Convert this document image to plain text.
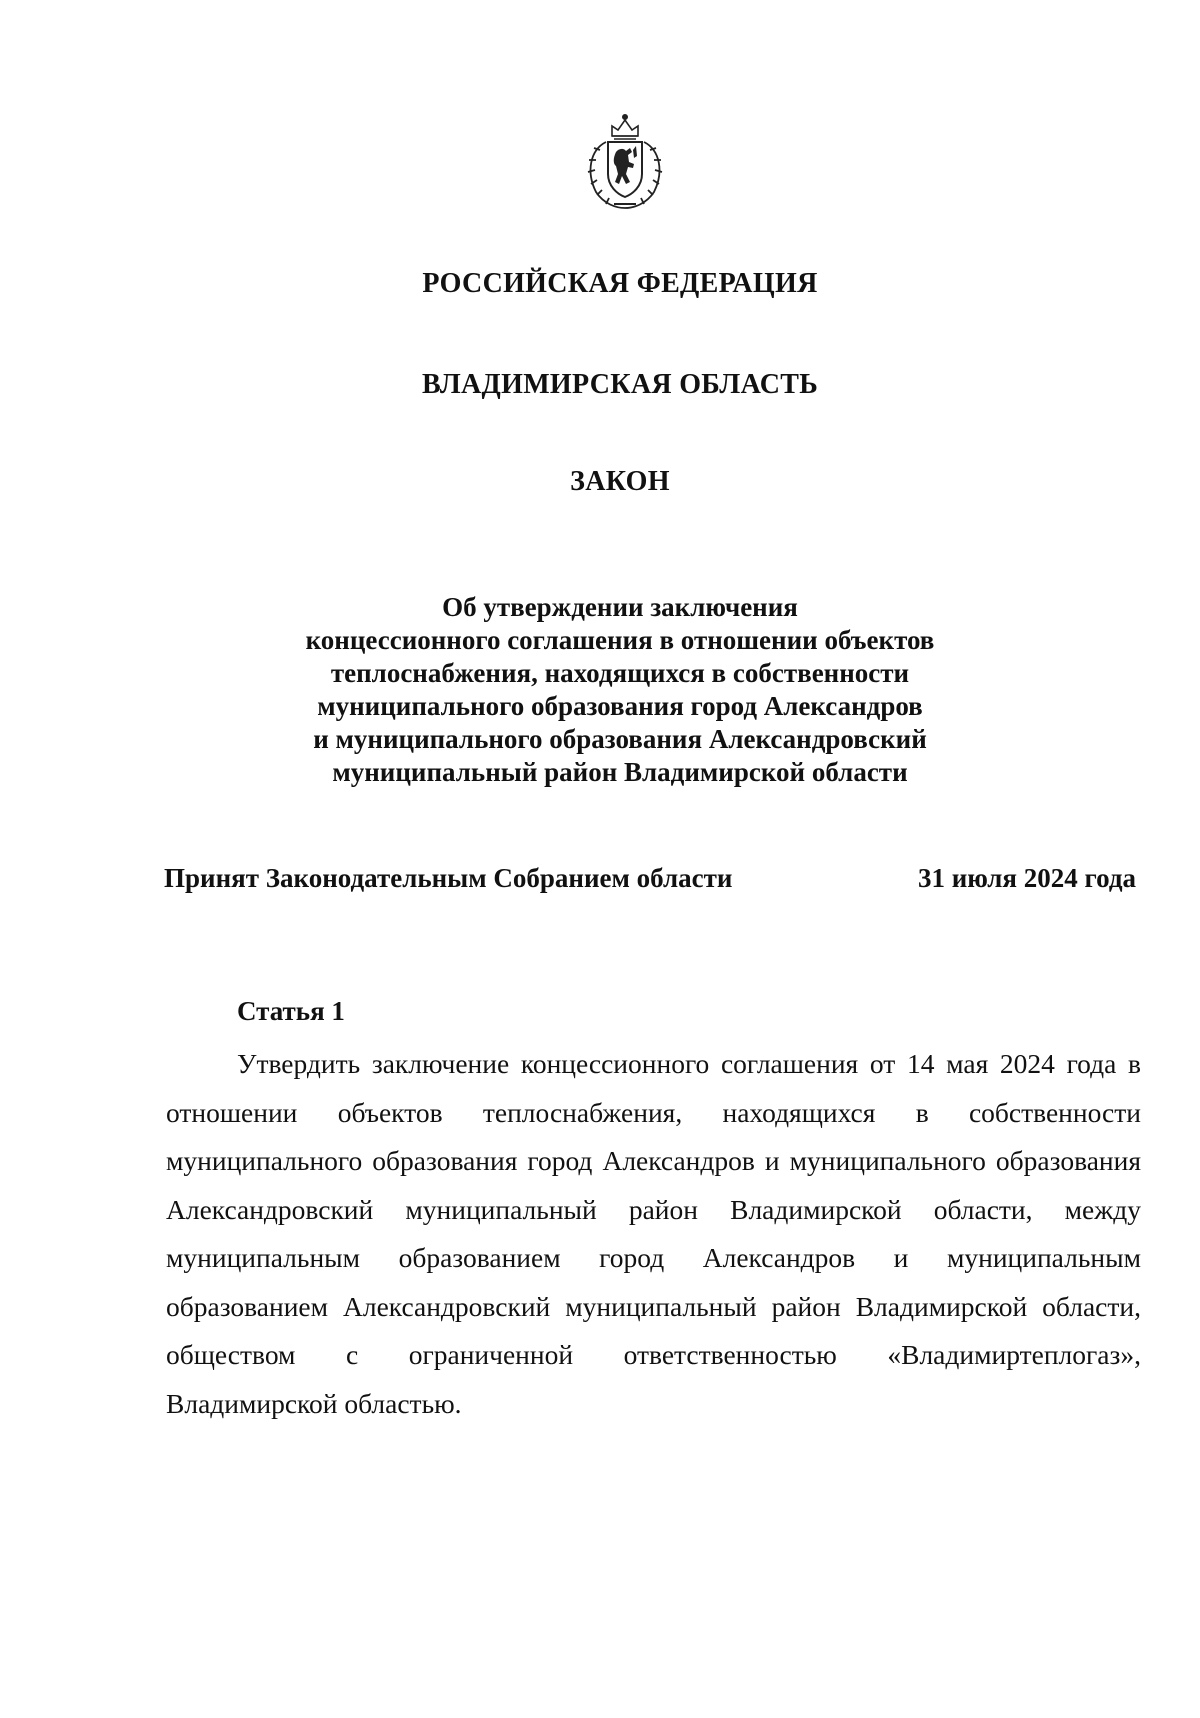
РОССИЙСКАЯ ФЕДЕРАЦИЯ
ВЛАДИМИРСКАЯ ОБЛАСТЬ
ЗАКОН
Об утверждении заключения
концессионного соглашения в отношении объектов
теплоснабжения, находящихся в собственности
муниципального образования город Александров
и муниципального образования Александровский
муниципальный район Владимирской области
Принят Законодательным Собранием области	31 июля 2024 года
Статья 1

Утвердить заключение концессионного соглашения от 14 мая 2024 года в отношении объектов теплоснабжения, находящихся в собственности муниципального образования город Александров и муниципального образования Александровский муниципальный район Владимирской области, между муниципальным образованием город Александров и муниципальным образованием Александровский муниципальный район Владимирской области, обществом с ограниченной ответственностью «Владимиртеплогаз», Владимирской областью.
